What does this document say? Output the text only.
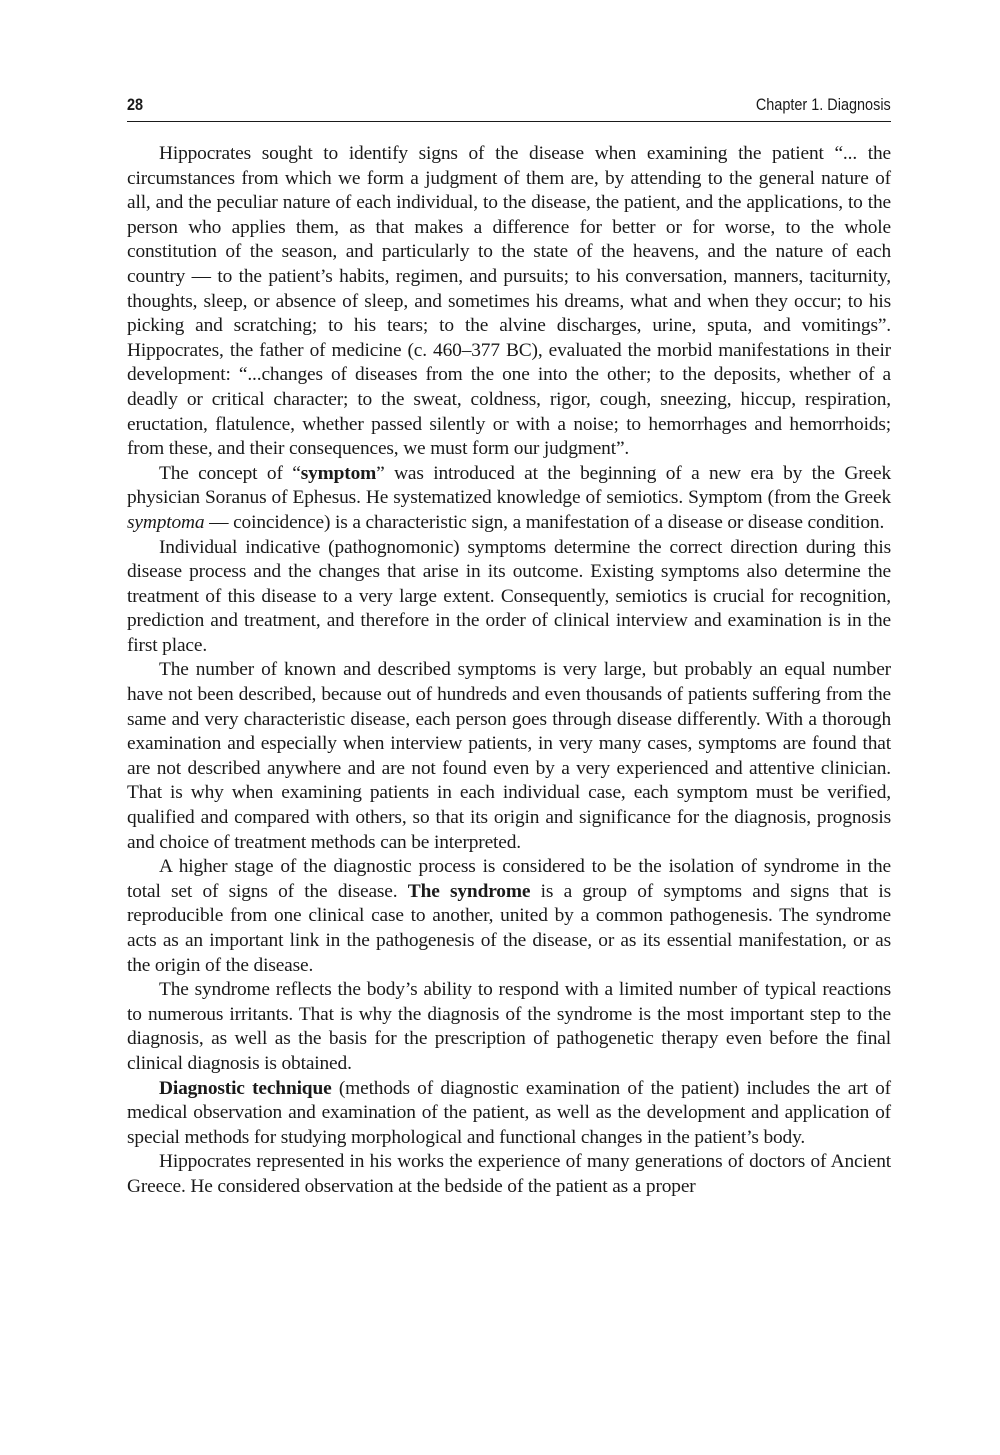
28	Chapter 1. Diagnosis

Hippocrates sought to identify signs of the disease when examining the patient “... the circumstances from which we form a judgment of them are, by attending to the general nature of all, and the peculiar nature of each individual, to the disease, the patient, and the applications, to the person who applies them, as that makes a difference for better or for worse, to the whole constitution of the season, and particularly to the state of the heavens, and the nature of each country — to the patient’s habits, regimen, and pursuits; to his conversation, manners, taciturnity, thoughts, sleep, or absence of sleep, and sometimes his dreams, what and when they occur; to his picking and scratching; to his tears; to the alvine discharges, urine, sputa, and vomitings”. Hippocrates, the father of medicine (c. 460–377 BC), evaluated the morbid manifestations in their development: “...changes of diseases from the one into the other; to the deposits, whether of a deadly or critical character; to the sweat, coldness, rigor, cough, sneezing, hiccup, respiration, eructation, flatulence, whether passed silently or with a noise; to hemorrhages and hemorrhoids; from these, and their consequences, we must form our judgment”.

The concept of “symptom” was introduced at the beginning of a new era by the Greek physician Soranus of Ephesus. He systematized knowledge of semiotics. Symptom (from the Greek symptoma — coincidence) is a characteristic sign, a manifestation of a disease or disease condition.

Individual indicative (pathognomonic) symptoms determine the correct direction during this disease process and the changes that arise in its outcome. Existing symptoms also determine the treatment of this disease to a very large extent. Consequently, semiotics is crucial for recognition, prediction and treatment, and therefore in the order of clinical interview and examination is in the first place.

The number of known and described symptoms is very large, but probably an equal number have not been described, because out of hundreds and even thousands of patients suffering from the same and very characteristic disease, each person goes through disease differently. With a thorough examination and especially when interview patients, in very many cases, symptoms are found that are not described anywhere and are not found even by a very experienced and attentive clinician. That is why when examining patients in each individual case, each symptom must be verified, qualified and compared with others, so that its origin and significance for the diagnosis, prognosis and choice of treatment methods can be interpreted.

A higher stage of the diagnostic process is considered to be the isolation of syndrome in the total set of signs of the disease. The syndrome is a group of symptoms and signs that is reproducible from one clinical case to another, united by a common pathogenesis. The syndrome acts as an important link in the pathogenesis of the disease, or as its essential manifestation, or as the origin of the disease.

The syndrome reflects the body’s ability to respond with a limited number of typical reactions to numerous irritants. That is why the diagnosis of the syndrome is the most important step to the diagnosis, as well as the basis for the prescription of pathogenetic therapy even before the final clinical diagnosis is obtained.

Diagnostic technique (methods of diagnostic examination of the patient) includes the art of medical observation and examination of the patient, as well as the development and application of special methods for studying morphological and functional changes in the patient’s body.

Hippocrates represented in his works the experience of many generations of doctors of Ancient Greece. He considered observation at the bedside of the patient as a proper
